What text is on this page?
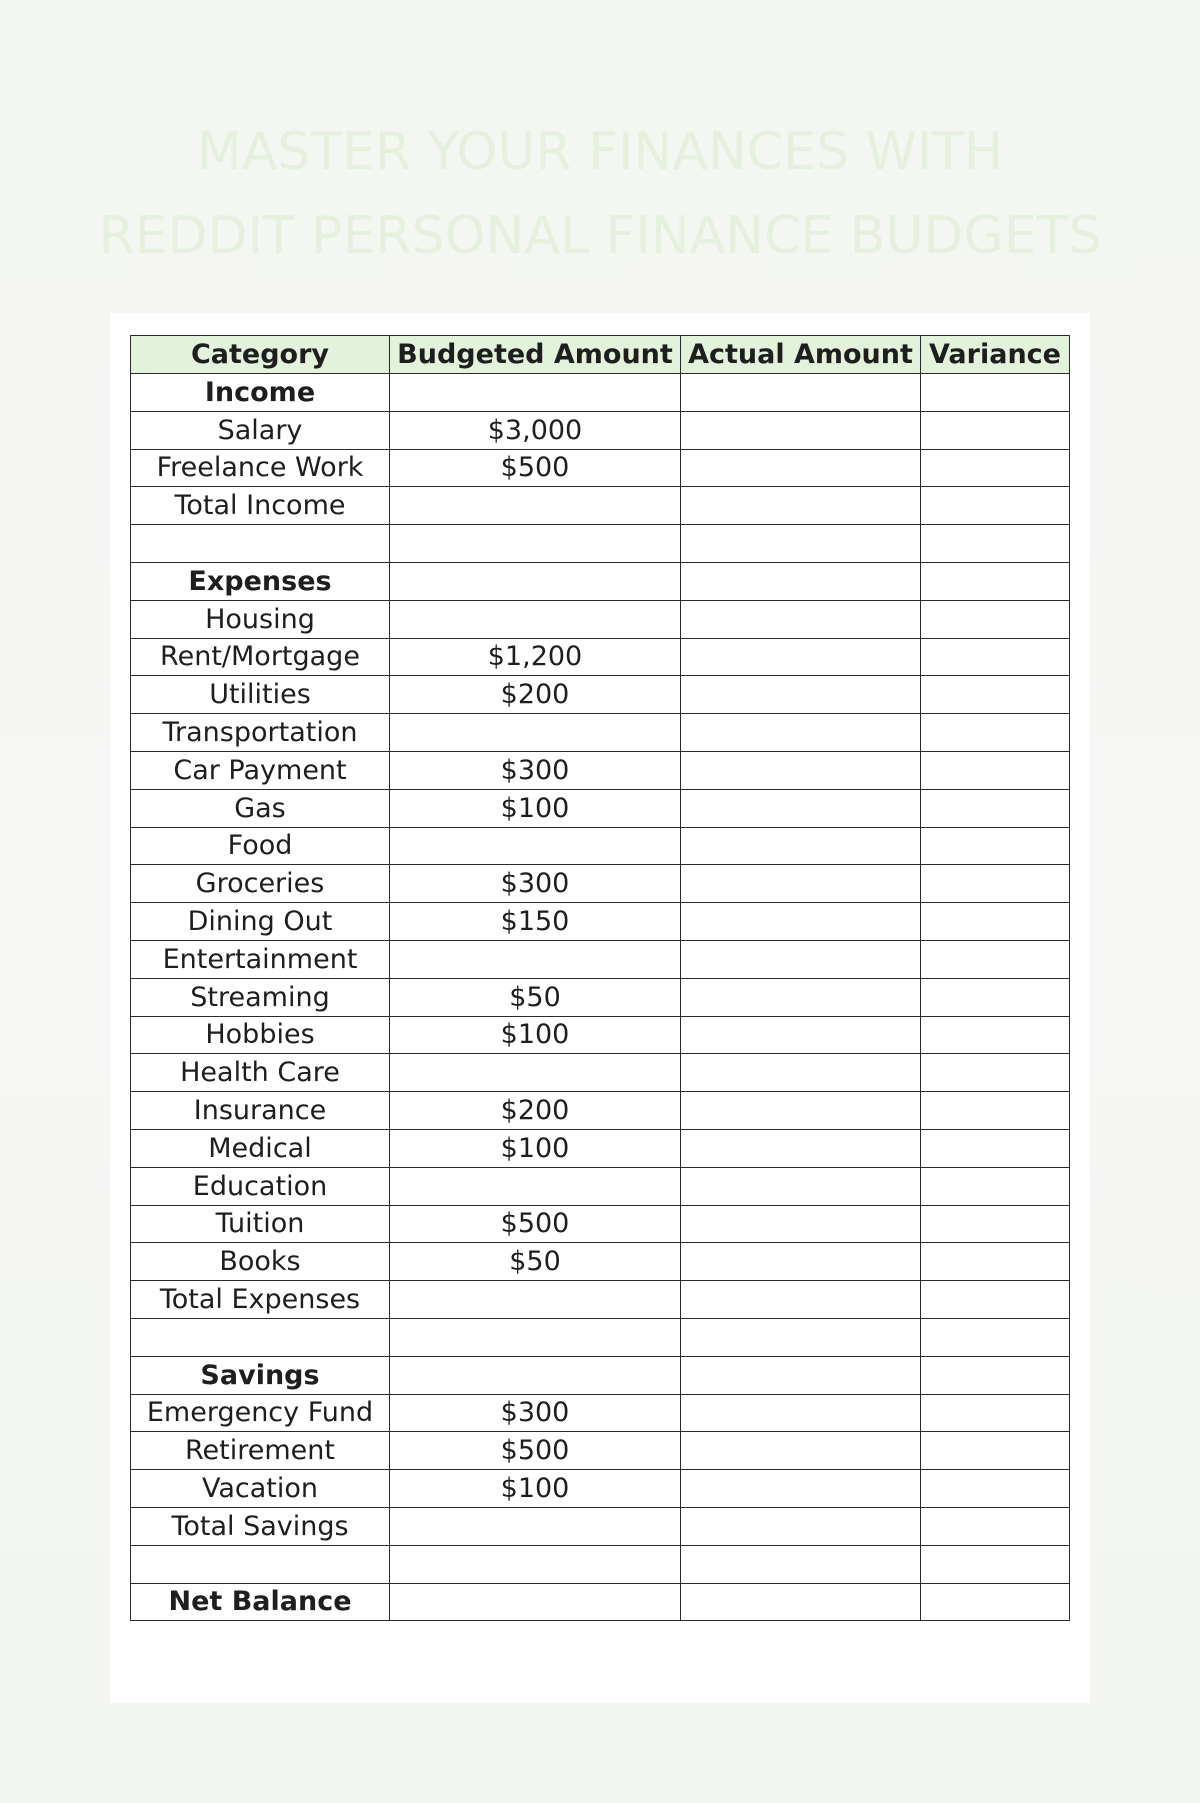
MASTER YOUR FINANCES WITH
REDDIT PERSONAL FINANCE BUDGETS
Category	Budgeted Amount	Actual Amount	Variance
Income			
Salary	$3,000		
Freelance Work	$500		
Total Income			

Expenses			
Housing			
Rent/Mortgage	$1,200		
Utilities	$200		
Transportation			
Car Payment	$300		
Gas	$100		
Food			
Groceries	$300		
Dining Out	$150		
Entertainment			
Streaming	$50		
Hobbies	$100		
Health Care			
Insurance	$200		
Medical	$100		
Education			
Tuition	$500		
Books	$50		
Total Expenses			

Savings			
Emergency Fund	$300		
Retirement	$500		
Vacation	$100		
Total Savings			

Net Balance			
